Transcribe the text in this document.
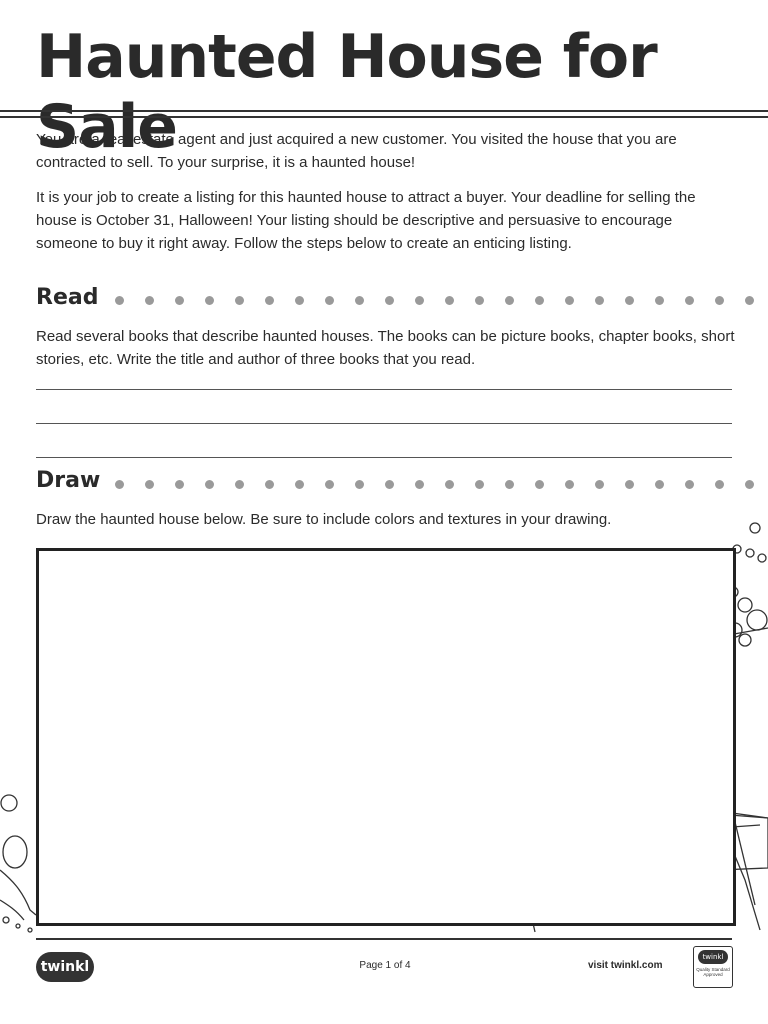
Haunted House for Sale
You are a real estate agent and just acquired a new customer. You visited the house that you are contracted to sell. To your surprise, it is a haunted house!
It is your job to create a listing for this haunted house to attract a buyer. Your deadline for selling the house is October 31, Halloween! Your listing should be descriptive and persuasive to encourage someone to buy it right away. Follow the steps below to create an enticing listing.
Read
Read several books that describe haunted houses. The books can be picture books, chapter books, short stories, etc. Write the title and author of three books that you read.
Draw
Draw the haunted house below. Be sure to include colors and textures in your drawing.
twinkl	Page 1 of 4	visit twinkl.com
twinkl
Quality Standard Approved
